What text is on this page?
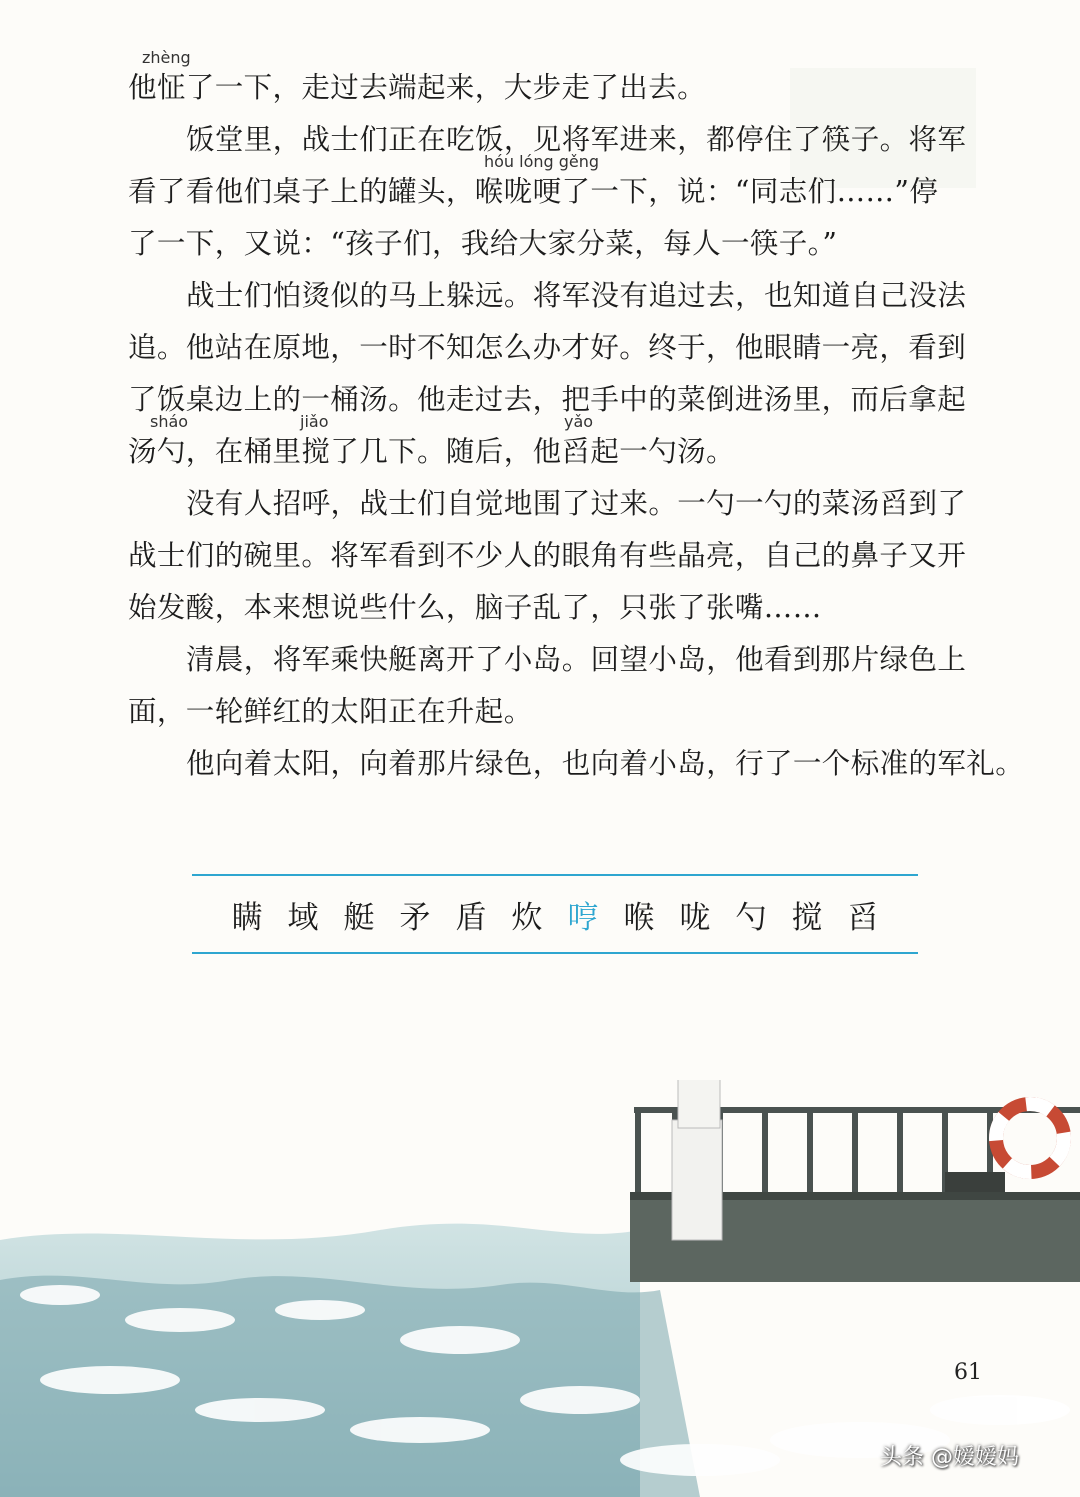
zhèng
他怔了一下，走过去端起来，大步走了出去。
饭堂里，战士们正在吃饭，见将军进来，都停住了筷子。将军
hóu lóng gěng
看了看他们桌子上的罐头，喉咙哽了一下，说：“同志们……”停
了一下，又说：“孩子们，我给大家分菜，每人一筷子。”
战士们怕烫似的马上躲远。将军没有追过去，也知道自己没法
追。他站在原地，一时不知怎么办才好。终于，他眼睛一亮，看到
了饭桌边上的一桶汤。他走过去，把手中的菜倒进汤里，而后拿起
sháo	jiǎo	yǎo
汤勺，在桶里搅了几下。随后，他舀起一勺汤。
没有人招呼，战士们自觉地围了过来。一勺一勺的菜汤舀到了
战士们的碗里。将军看到不少人的眼角有些晶亮，自己的鼻子又开
始发酸，本来想说些什么，脑子乱了，只张了张嘴……
清晨，将军乘快艇离开了小岛。回望小岛，他看到那片绿色上
面，一轮鲜红的太阳正在升起。
他向着太阳，向着那片绿色，也向着小岛，行了一个标准的军礼。
瞒 域 艇 矛 盾 炊 哼 喉 咙 勺 搅 舀
61
头条 @嫒嫒妈
